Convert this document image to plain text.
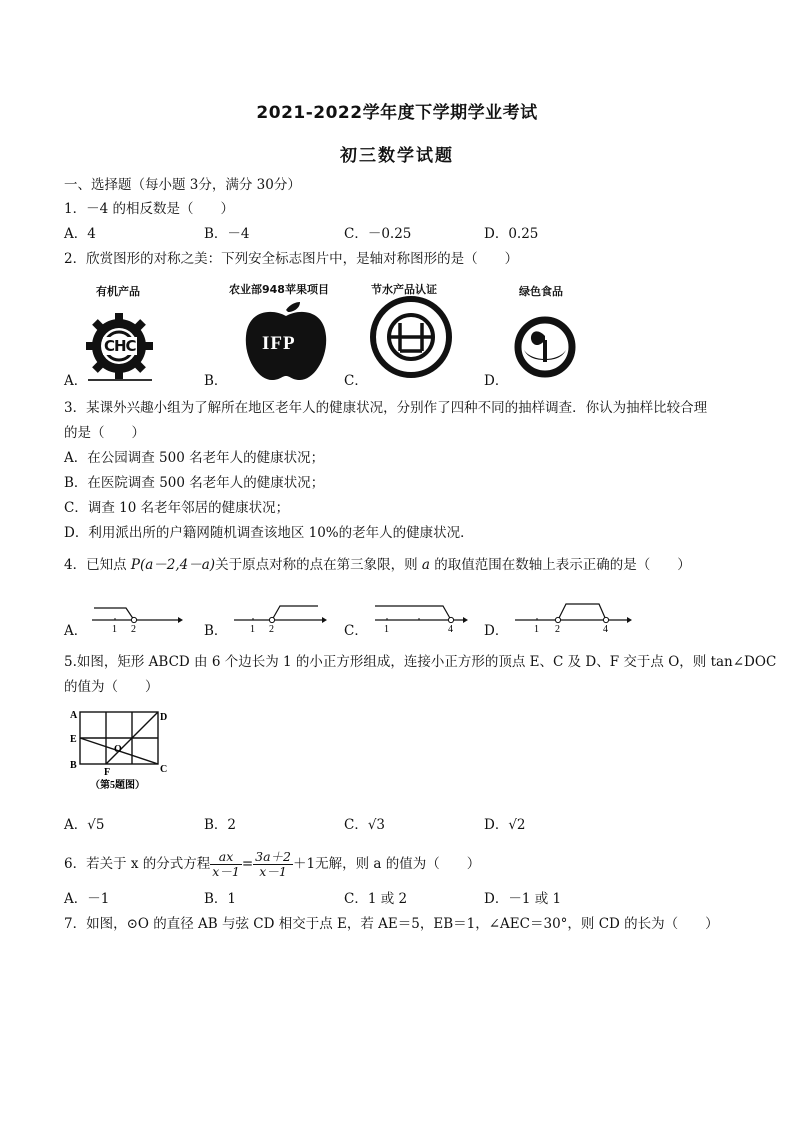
2021-2022学年度下学期学业考试
初三数学试题
一、选择题（每小题 3分，满分 30分）
1．－4 的相反数是（　　）
A．4	B．－4	C．－0.25	D．0.25
2．欣赏图形的对称之美：下列安全标志图片中，是轴对称图形的是（　　）
有机产品	农业部948苹果项目	节水产品认证	绿色食品
CHC	IFP
A．	B．	C．	D．
3．某课外兴趣小组为了解所在地区老年人的健康状况，分别作了四种不同的抽样调查．你认为抽样比较合理
的是（　　）
A．在公园调查 500 名老年人的健康状况；
B．在医院调查 500 名老年人的健康状况；
C．调查 10 名老年邻居的健康状况；
D．利用派出所的户籍网随机调查该地区 10%的老年人的健康状况．
4．已知点 P(a－2,4－a)关于原点对称的点在第三象限，则 a 的取值范围在数轴上表示正确的是（　　）
A．	B．	C．	D．
1 2	1 2	1	4	1 2	4
5.如图，矩形 ABCD 由 6 个边长为 1 的小正方形组成，连接小正方形的顶点 E、C 及 D、F 交于点 O，则 tan∠DOC
的值为（　　）
A	D
E
O
B
F	C
（第5题图）
A．√5	B．2	C．√3	D．√2
6．若关于 x 的分式方程 $\frac{ax}{x-1} = \frac{3a+2}{x-1} +1$无解，则 a 的值为（　　）
A．－1	B．1	C．1 或 2	D．－1 或 1
7．如图，⊙O 的直径 AB 与弦 CD 相交于点 E，若 AE＝5，EB＝1，∠AEC＝30°，则 CD 的长为（　　）
